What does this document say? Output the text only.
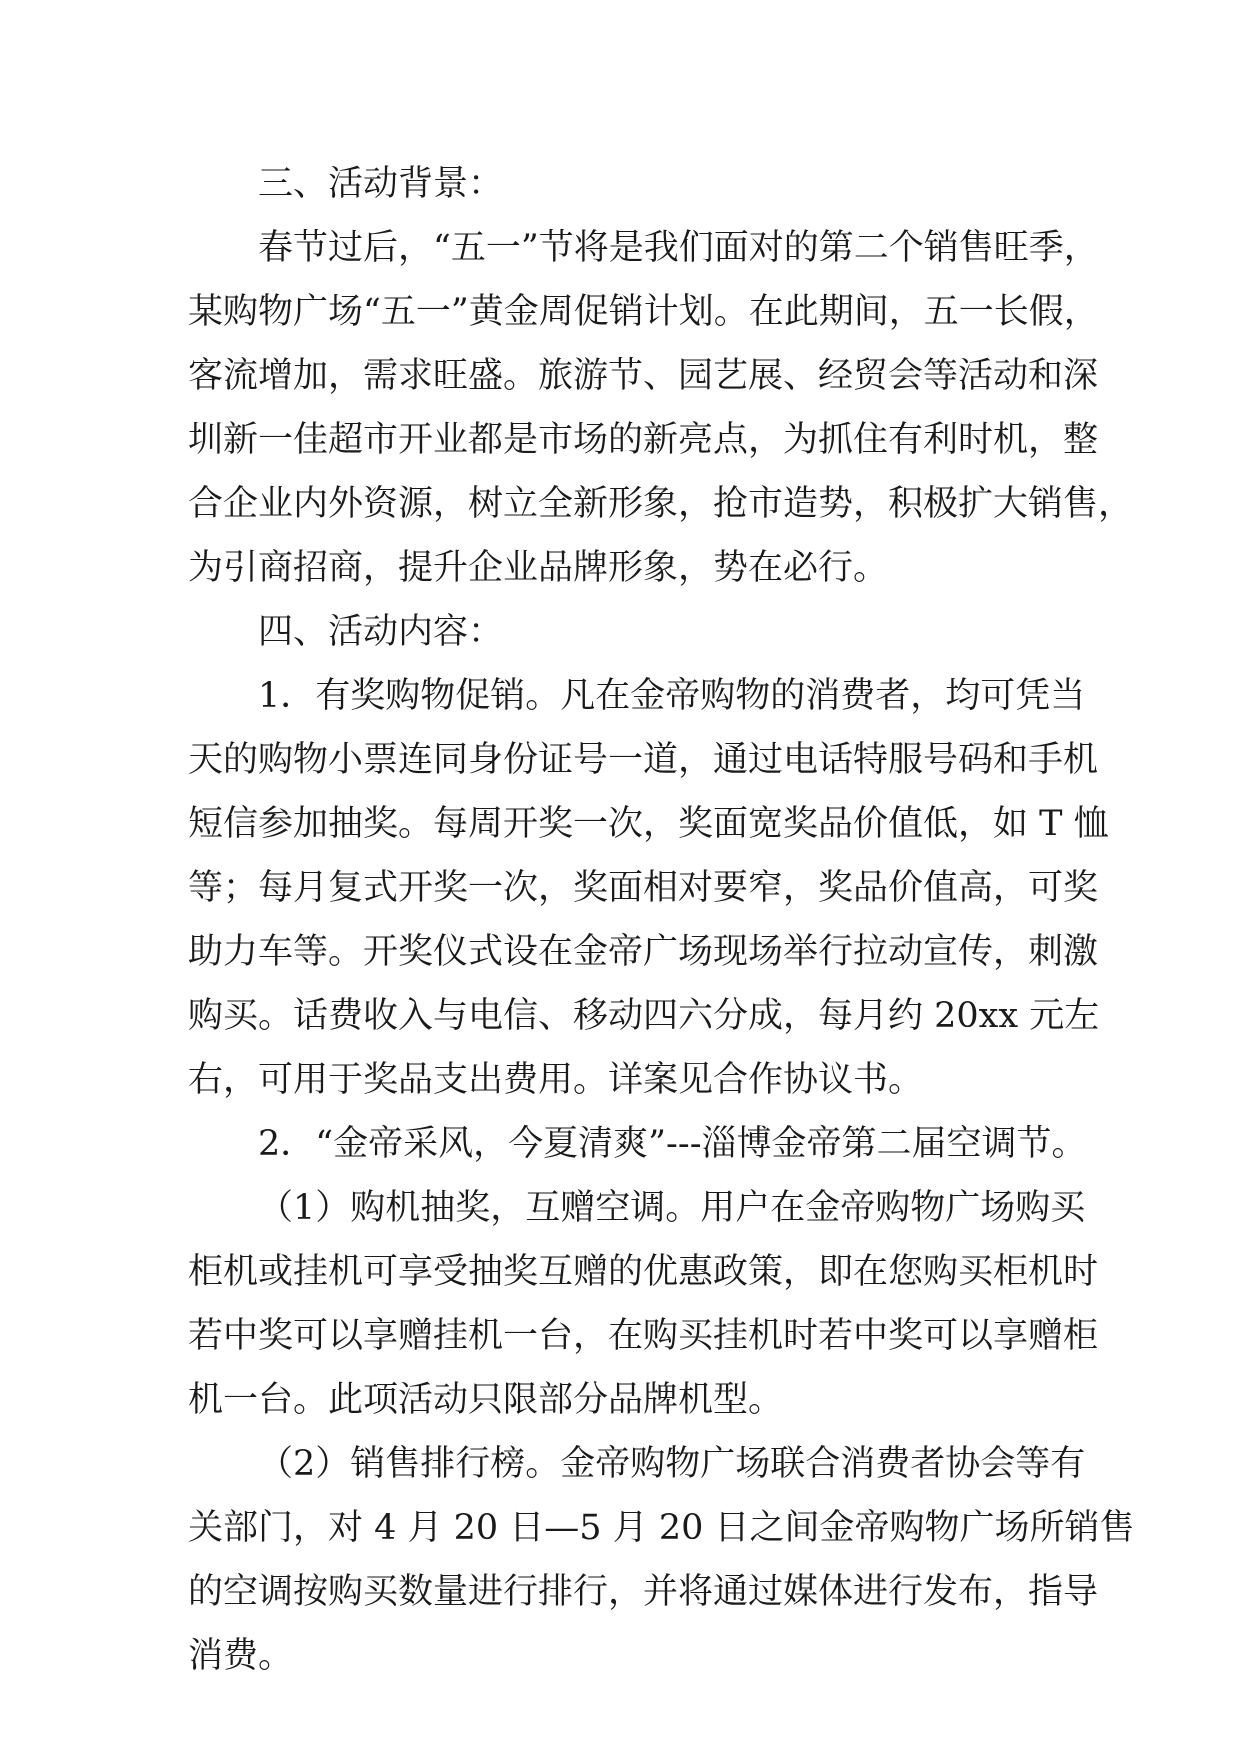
三、活动背景：
春节过后，“五一”节将是我们面对的第二个销售旺季，
某购物广场“五一”黄金周促销计划。在此期间，五一长假，
客流增加，需求旺盛。旅游节、园艺展、经贸会等活动和深
圳新一佳超市开业都是市场的新亮点，为抓住有利时机，整
合企业内外资源，树立全新形象，抢市造势，积极扩大销售，
为引商招商，提升企业品牌形象，势在必行。
四、活动内容：
1．有奖购物促销。凡在金帝购物的消费者，均可凭当
天的购物小票连同身份证号一道，通过电话特服号码和手机
短信参加抽奖。每周开奖一次，奖面宽奖品价值低，如 T 恤
等；每月复式开奖一次，奖面相对要窄，奖品价值高，可奖
助力车等。开奖仪式设在金帝广场现场举行拉动宣传，刺激
购买。话费收入与电信、移动四六分成，每月约 20xx 元左
右，可用于奖品支出费用。详案见合作协议书。
2．“金帝采风，今夏清爽”---淄博金帝第二届空调节。
（1）购机抽奖，互赠空调。用户在金帝购物广场购买
柜机或挂机可享受抽奖互赠的优惠政策，即在您购买柜机时
若中奖可以享赠挂机一台，在购买挂机时若中奖可以享赠柜
机一台。此项活动只限部分品牌机型。
（2）销售排行榜。金帝购物广场联合消费者协会等有
关部门，对 4 月 20 日—5 月 20 日之间金帝购物广场所销售
的空调按购买数量进行排行，并将通过媒体进行发布，指导
消费。
